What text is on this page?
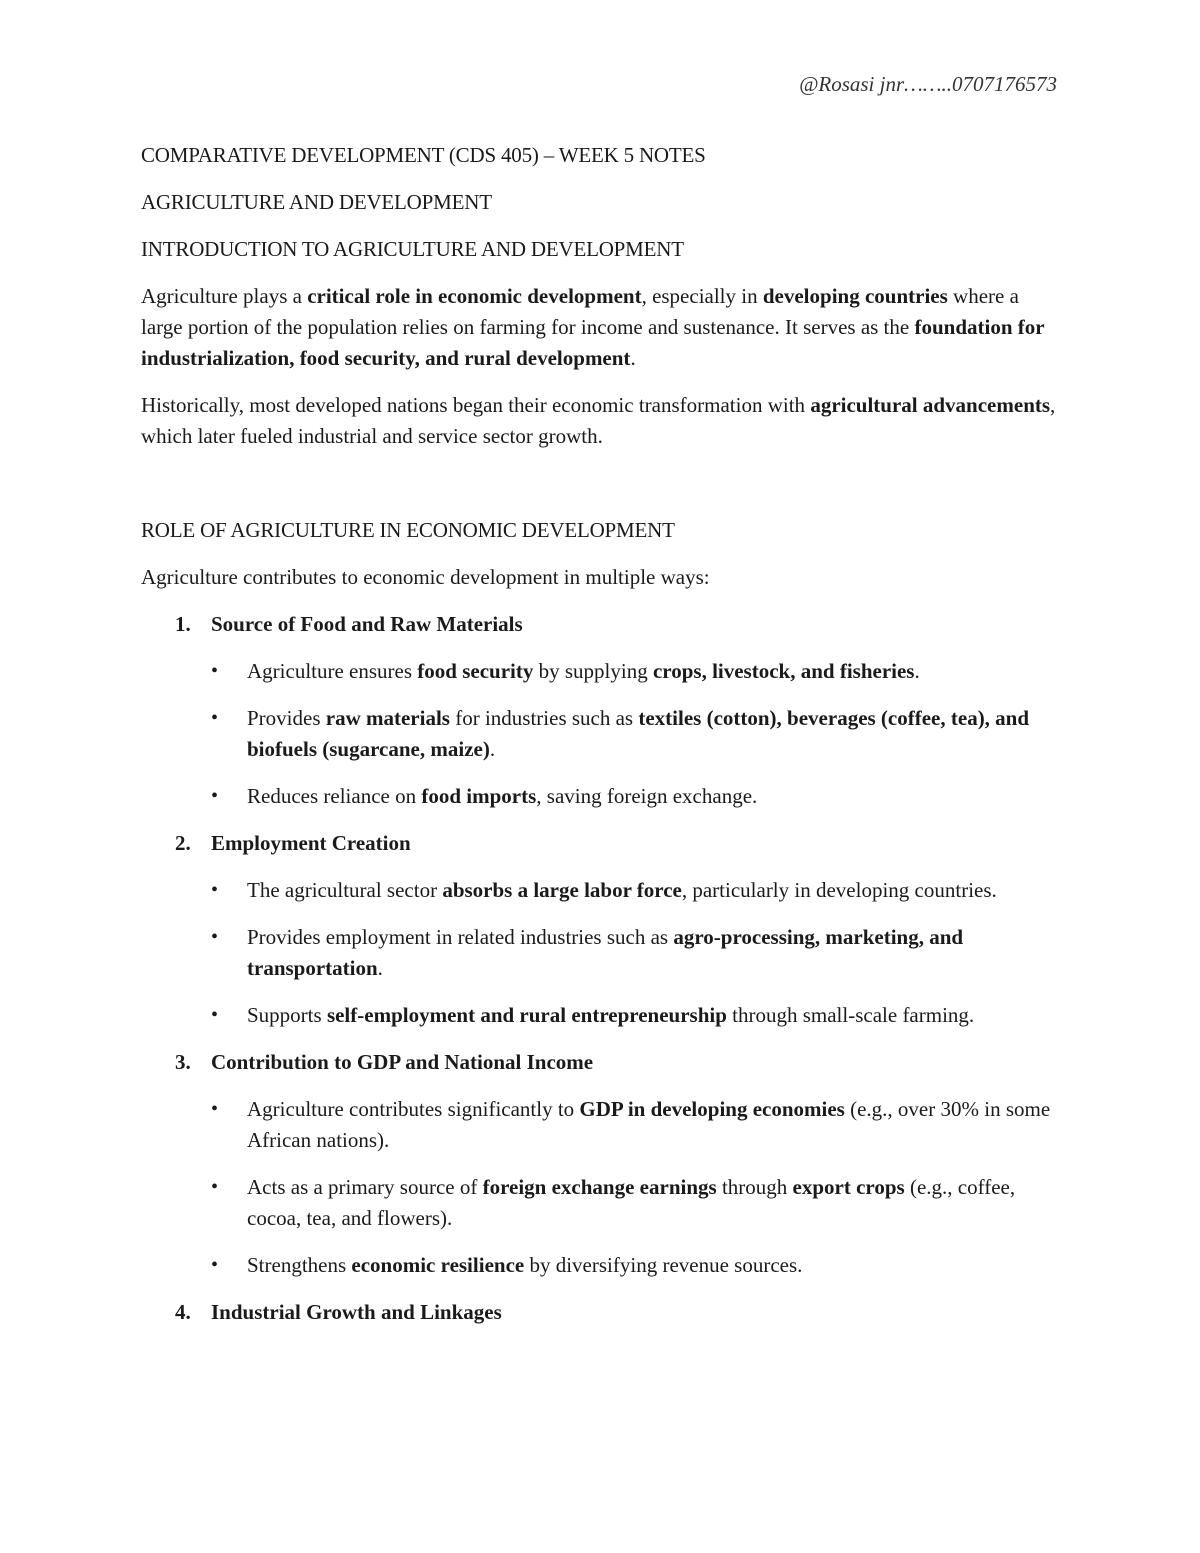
@Rosasi jnr……..0707176573

COMPARATIVE DEVELOPMENT (CDS 405) – WEEK 5 NOTES

AGRICULTURE AND DEVELOPMENT

INTRODUCTION TO AGRICULTURE AND DEVELOPMENT

Agriculture plays a critical role in economic development, especially in developing countries where a large portion of the population relies on farming for income and sustenance. It serves as the foundation for industrialization, food security, and rural development.

Historically, most developed nations began their economic transformation with agricultural advancements, which later fueled industrial and service sector growth.

ROLE OF AGRICULTURE IN ECONOMIC DEVELOPMENT

Agriculture contributes to economic development in multiple ways:

1. Source of Food and Raw Materials

• Agriculture ensures food security by supplying crops, livestock, and fisheries.

• Provides raw materials for industries such as textiles (cotton), beverages (coffee, tea), and biofuels (sugarcane, maize).

• Reduces reliance on food imports, saving foreign exchange.

2. Employment Creation

• The agricultural sector absorbs a large labor force, particularly in developing countries.

• Provides employment in related industries such as agro-processing, marketing, and transportation.

• Supports self-employment and rural entrepreneurship through small-scale farming.

3. Contribution to GDP and National Income

• Agriculture contributes significantly to GDP in developing economies (e.g., over 30% in some African nations).

• Acts as a primary source of foreign exchange earnings through export crops (e.g., coffee, cocoa, tea, and flowers).

• Strengthens economic resilience by diversifying revenue sources.

4. Industrial Growth and Linkages
